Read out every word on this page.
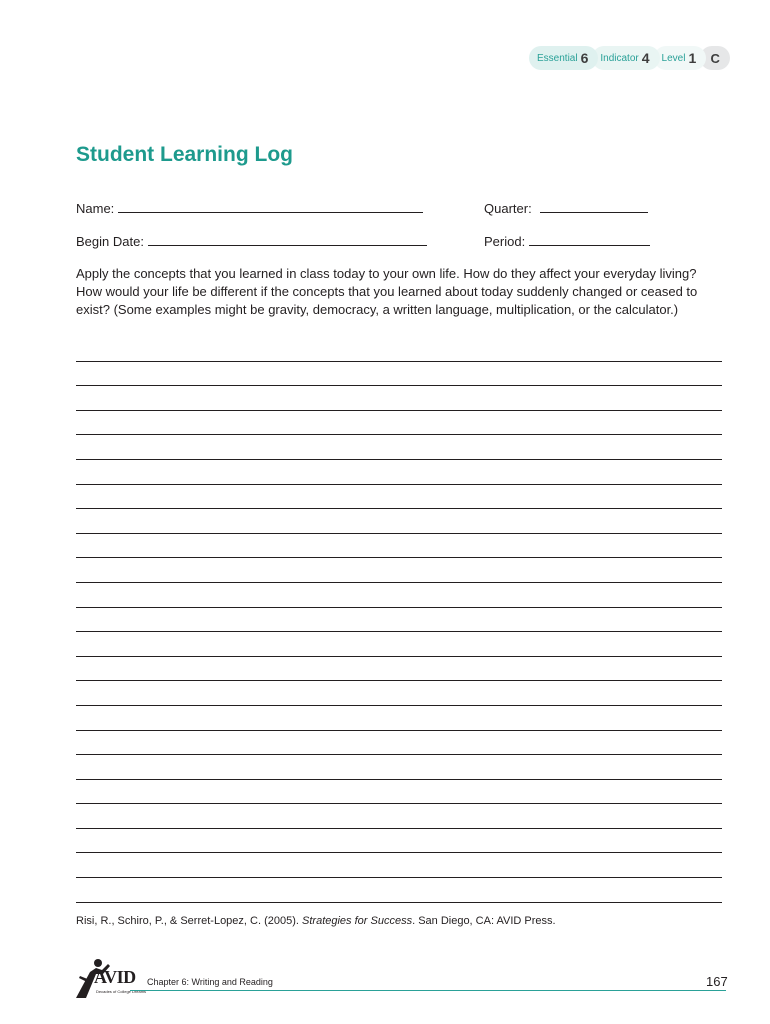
Essential 6 Indicator 4 Level 1	C
Student Learning Log
Name:	Quarter:
Begin Date:	Period:
Apply the concepts that you learned in class today to your own life. How do they affect your everyday living? How would your life be different if the concepts that you learned about today suddenly changed or ceased to exist? (Some examples might be gravity, democracy, a written language, multiplication, or the calculator.)
Risi, R., Schiro, P., & Serret-Lopez, C. (2005). Strategies for Success. San Diego, CA: AVID Press.
AVID
Decades of College Dreams
Chapter 6: Writing and Reading	167
